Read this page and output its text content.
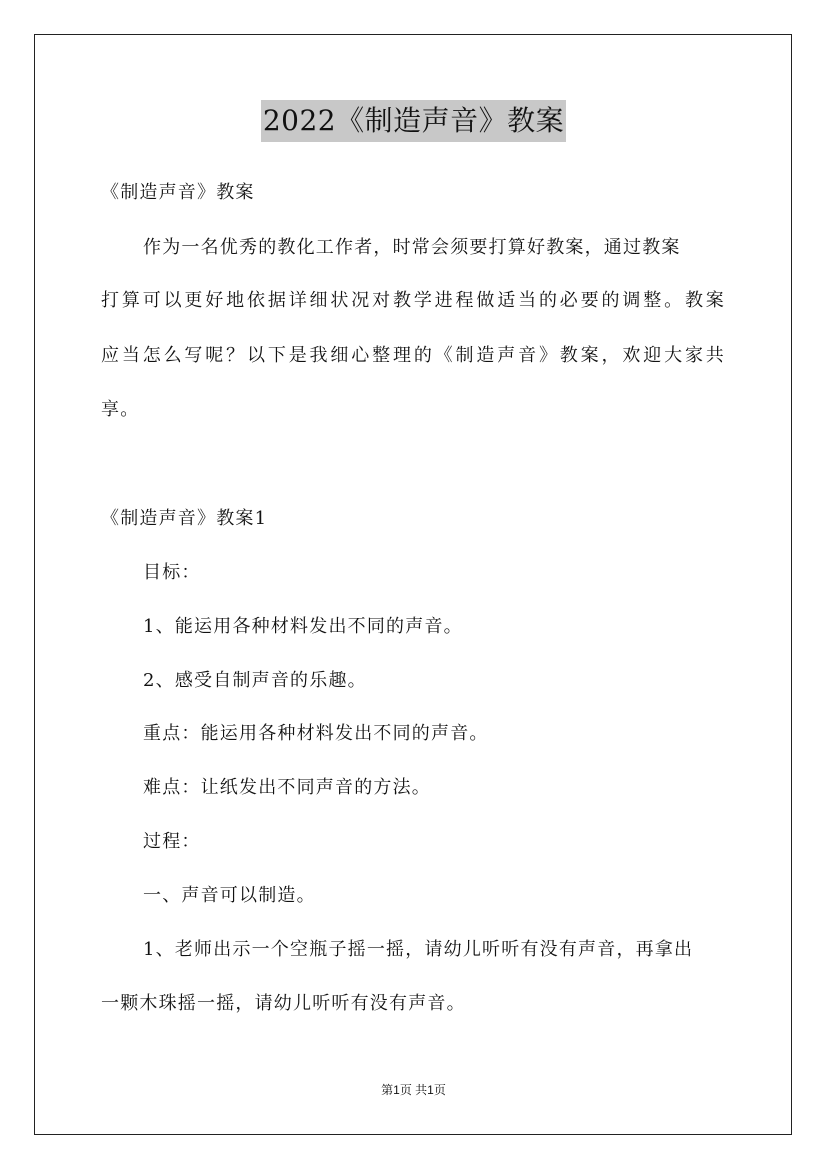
2022《制造声音》教案

《制造声音》教案

作为一名优秀的教化工作者，时常会须要打算好教案，通过教案

打算可以更好地依据详细状况对教学进程做适当的必要的调整。教案

应当怎么写呢？以下是我细心整理的《制造声音》教案，欢迎大家共

享。

《制造声音》教案1

目标：

1、能运用各种材料发出不同的声音。

2、感受自制声音的乐趣。

重点：能运用各种材料发出不同的声音。

难点：让纸发出不同声音的方法。

过程：

一、声音可以制造。

1、老师出示一个空瓶子摇一摇，请幼儿听听有没有声音，再拿出

一颗木珠摇一摇，请幼儿听听有没有声音。

第1页 共1页
